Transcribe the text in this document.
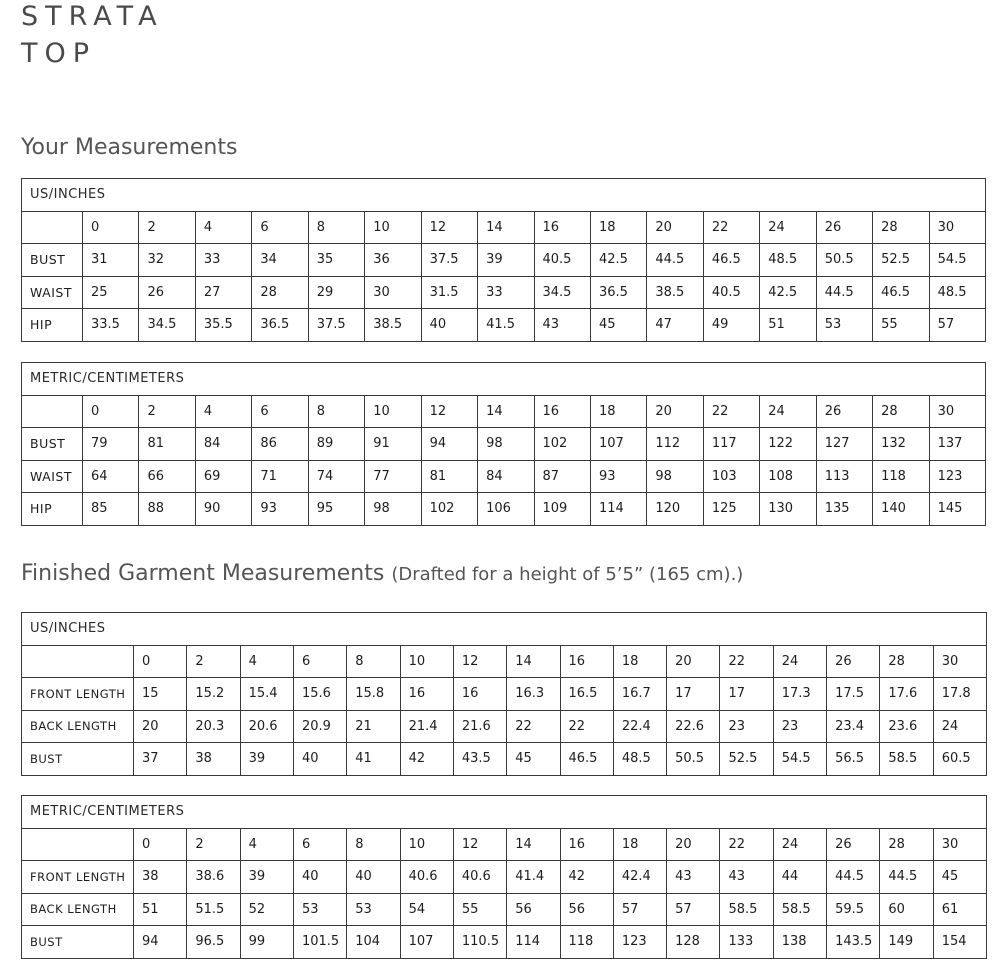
STRATA
TOP
Your Measurements
US/INCHES																
	0	2	4	6	8	10	12	14	16	18	20	22	24	26	28	30
BUST	31	32	33	34	35	36	37.5	39	40.5	42.5	44.5	46.5	48.5	50.5	52.5	54.5
WAIST	25	26	27	28	29	30	31.5	33	34.5	36.5	38.5	40.5	42.5	44.5	46.5	48.5
HIP	33.5	34.5	35.5	36.5	37.5	38.5	40	41.5	43	45	47	49	51	53	55	57
METRIC/CENTIMETERS																
	0	2	4	6	8	10	12	14	16	18	20	22	24	26	28	30
BUST	79	81	84	86	89	91	94	98	102	107	112	117	122	127	132	137
WAIST	64	66	69	71	74	77	81	84	87	93	98	103	108	113	118	123
HIP	85	88	90	93	95	98	102	106	109	114	120	125	130	135	140	145
Finished Garment Measurements (Drafted for a height of 5’5” (165 cm).)
US/INCHES																
	0	2	4	6	8	10	12	14	16	18	20	22	24	26	28	30
FRONT LENGTH	15	15.2	15.4	15.6	15.8	16	16	16.3	16.5	16.7	17	17	17.3	17.5	17.6	17.8
BACK LENGTH	20	20.3	20.6	20.9	21	21.4	21.6	22	22	22.4	22.6	23	23	23.4	23.6	24
BUST	37	38	39	40	41	42	43.5	45	46.5	48.5	50.5	52.5	54.5	56.5	58.5	60.5
METRIC/CENTIMETERS																
	0	2	4	6	8	10	12	14	16	18	20	22	24	26	28	30
FRONT LENGTH	38	38.6	39	40	40	40.6	40.6	41.4	42	42.4	43	43	44	44.5	44.5	45
BACK LENGTH	51	51.5	52	53	53	54	55	56	56	57	57	58.5	58.5	59.5	60	61
BUST	94	96.5	99	101.5	104	107	110.5	114	118	123	128	133	138	143.5	149	154
